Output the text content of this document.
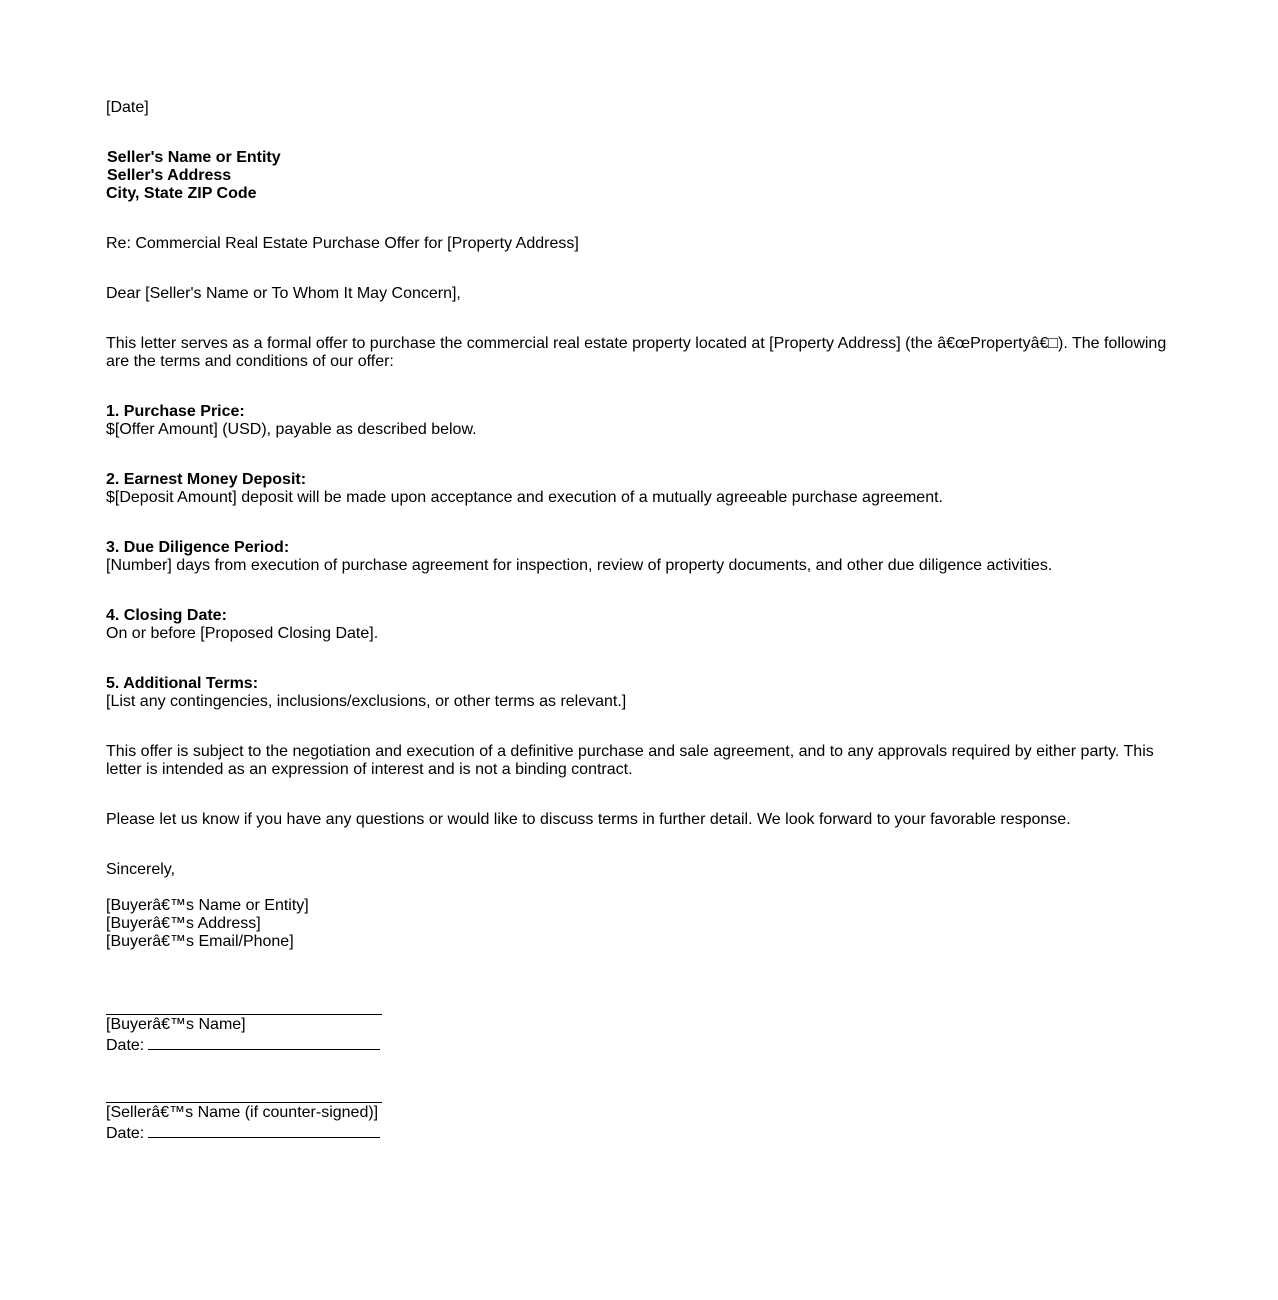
[Date]

Seller's Name or Entity
Seller's Address
City, State ZIP Code

Re: Commercial Real Estate Purchase Offer for [Property Address]

Dear [Seller's Name or To Whom It May Concern],

This letter serves as a formal offer to purchase the commercial real estate property located at [Property Address] (the â€œPropertyâ€□). The following are the terms and conditions of our offer:

1. Purchase Price:
$[Offer Amount] (USD), payable as described below.

2. Earnest Money Deposit:
$[Deposit Amount] deposit will be made upon acceptance and execution of a mutually agreeable purchase agreement.

3. Due Diligence Period:
[Number] days from execution of purchase agreement for inspection, review of property documents, and other due diligence activities.

4. Closing Date:
On or before [Proposed Closing Date].

5. Additional Terms:
[List any contingencies, inclusions/exclusions, or other terms as relevant.]

This offer is subject to the negotiation and execution of a definitive purchase and sale agreement, and to any approvals required by either party. This letter is intended as an expression of interest and is not a binding contract.

Please let us know if you have any questions or would like to discuss terms in further detail. We look forward to your favorable response.

Sincerely,

[Buyerâ€™s Name or Entity]
[Buyerâ€™s Address]
[Buyerâ€™s Email/Phone]

[Buyerâ€™s Name]
Date:
[Sellerâ€™s Name (if counter-signed)]
Date:
